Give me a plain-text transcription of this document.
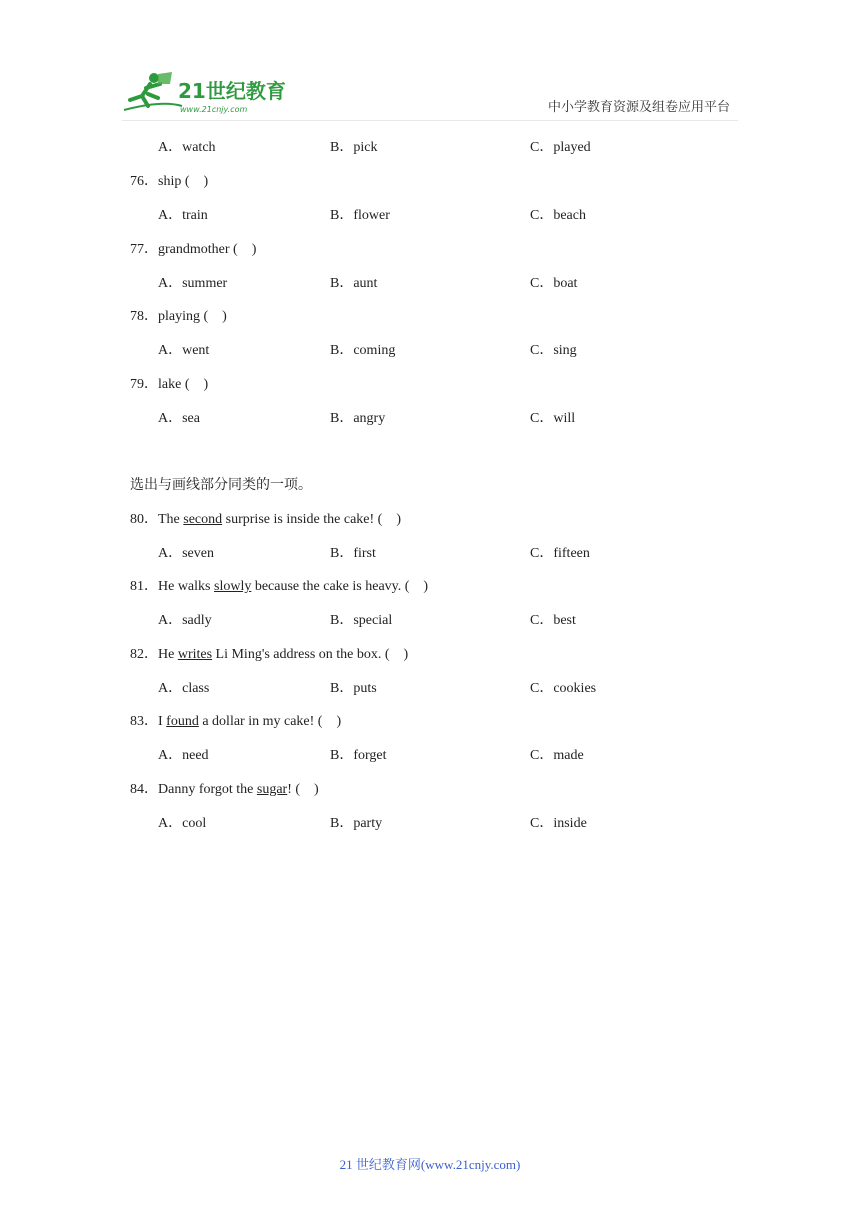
21世纪教育
www.21cnjy.com	中小学教育资源及组卷应用平台
A．watch	B．pick	C．played
76．ship (    )
A．train	B．flower	C．beach
77．grandmother (    )
A．summer	B．aunt	C．boat
78．playing (    )
A．went	B．coming	C．sing
79．lake (    )
A．sea	B．angry	C．will
选出与画线部分同类的一项。
80．The second surprise is inside the cake! (    )
A．seven	B．first	C．fifteen
81．He walks slowly because the cake is heavy. (    )
A．sadly	B．special	C．best
82．He writes Li Ming's address on the box. (    )
A．class	B．puts	C．cookies
83．I found a dollar in my cake! (    )
A．need	B．forget	C．made
84．Danny forgot the sugar! (    )
A．cool	B．party	C．inside
21 世纪教育网(www.21cnjy.com)
